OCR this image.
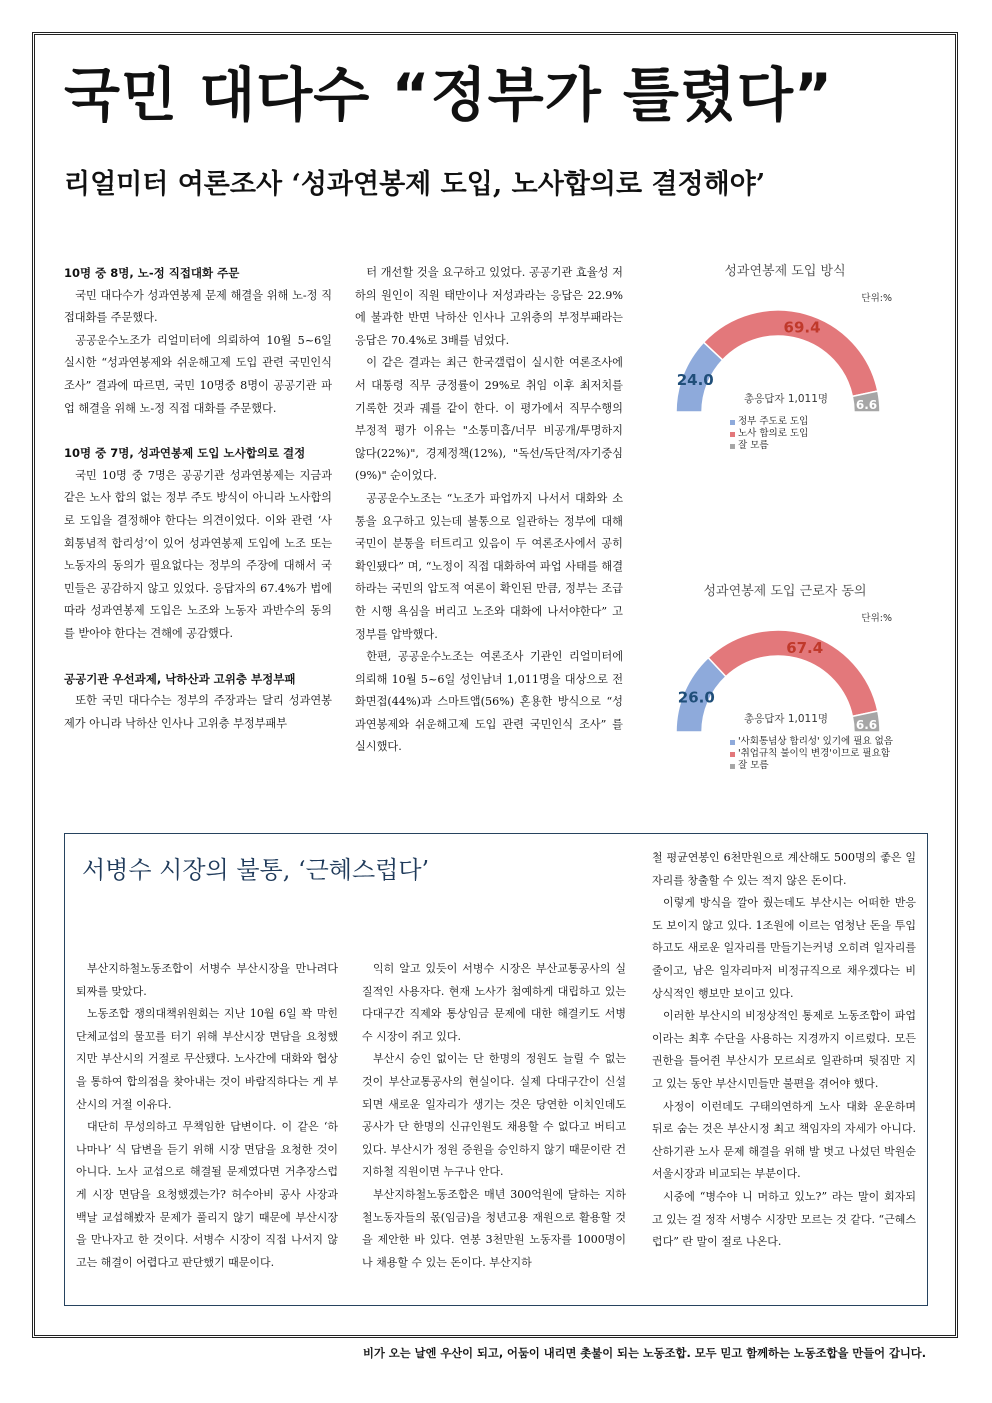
국민 대다수 “정부가 틀렸다”
리얼미터 여론조사 ‘성과연봉제 도입, 노사합의로 결정해야’
10명 중 8명, 노-정 직접대화 주문

국민 대다수가 성과연봉제 문제 해결을 위해 노-정 직접대화를 주문했다.

공공운수노조가 리얼미터에 의뢰하여 10월 5~6일 실시한 “성과연봉제와 쉬운해고제 도입 관련 국민인식 조사” 결과에 따르면, 국민 10명중 8명이 공공기관 파업 해결을 위해 노-정 직접 대화를 주문했다.

10명 중 7명, 성과연봉제 도입 노사합의로 결정

국민 10명 중 7명은 공공기관 성과연봉제는 지금과 같은 노사 합의 없는 정부 주도 방식이 아니라 노사합의로 도입을 결정해야 한다는 의견이었다. 이와 관련 ‘사회통념적 합리성’이 있어 성과연봉제 도입에 노조 또는 노동자의 동의가 필요없다는 정부의 주장에 대해서 국민들은 공감하지 않고 있었다. 응답자의 67.4%가 법에 따라 성과연봉제 도입은 노조와 노동자 과반수의 동의를 받아야 한다는 견해에 공감했다.

공공기관 우선과제, 낙하산과 고위층 부정부패

또한 국민 대다수는 정부의 주장과는 달리 성과연봉제가 아니라 낙하산 인사나 고위층 부정부패부

터 개선할 것을 요구하고 있었다. 공공기관 효율성 저하의 원인이 직원 태만이나 저성과라는 응답은 22.9%에 불과한 반면 낙하산 인사나 고위층의 부정부패라는 응답은 70.4%로 3배를 넘었다.

이 같은 결과는 최근 한국갤럽이 실시한 여론조사에서 대통령 직무 긍정률이 29%로 취임 이후 최저치를 기록한 것과 궤를 같이 한다. 이 평가에서 직무수행의 부정적 평가 이유는 "소통미흡/너무 비공개/투명하지 않다(22%)", 경제정책(12%), "독선/독단적/자기중심(9%)" 순이었다.

공공운수노조는 “노조가 파업까지 나서서 대화와 소통을 요구하고 있는데 불통으로 일관하는 정부에 대해 국민이 분통을 터트리고 있음이 두 여론조사에서 공히 확인됐다” 며, “노정이 직접 대화하여 파업 사태를 해결하라는 국민의 압도적 여론이 확인된 만큼, 정부는 조급한 시행 욕심을 버리고 노조와 대화에 나서야한다” 고 정부를 압박했다.

한편, 공공운수노조는 여론조사 기관인 리얼미터에 의뢰해 10월 5~6일 성인남녀 1,011명을 대상으로 전화면접(44%)과 스마트앱(56%) 혼용한 방식으로 “성과연봉제와 쉬운해고제 도입 관련 국민인식 조사” 를 실시했다.

성과연봉제 도입 방식
단위:%
24.0
69.4
6.6
총응답자 1,011명
정부 주도로 도입
노사 합의로 도입
잘 모름
성과연봉제 도입 근로자 동의
단위:%
26.0
67.4
6.6
총응답자 1,011명
'사회통념상 합리성' 있기에 필요 없음
'취업규칙 불이익 변경'이므로 필요함
잘 모름
서병수 시장의 불통, ‘근혜스럽다’

부산지하철노동조합이 서병수 부산시장을 만나려다 퇴짜를 맞았다.

노동조합 쟁의대책위원회는 지난 10월 6일 꽉 막힌 단체교섭의 물꼬를 터기 위해 부산시장 면담을 요청했지만 부산시의 거절로 무산됐다. 노사간에 대화와 협상을 통하여 합의점을 찾아내는 것이 바람직하다는 게 부산시의 거절 이유다.

대단히 무성의하고 무책임한 답변이다. 이 같은 ‘하나마나’ 식 답변을 듣기 위해 시장 면담을 요청한 것이 아니다. 노사 교섭으로 해결될 문제였다면 거추장스럽게 시장 면담을 요청했겠는가? 허수아비 공사 사장과 백날 교섭해봤자 문제가 풀리지 않기 때문에 부산시장을 만나자고 한 것이다. 서병수 시장이 직접 나서지 않고는 해결이 어렵다고 판단했기 때문이다.

익히 알고 있듯이 서병수 시장은 부산교통공사의 실질적인 사용자다. 현재 노사가 첨예하게 대립하고 있는 다대구간 직제와 통상임금 문제에 대한 해결키도 서병수 시장이 쥐고 있다.

부산시 승인 없이는 단 한명의 정원도 늘릴 수 없는 것이 부산교통공사의 현실이다. 실제 다대구간이 신설되면 새로운 일자리가 생기는 것은 당연한 이치인데도 공사가 단 한명의 신규인원도 채용할 수 없다고 버티고 있다. 부산시가 정원 증원을 승인하지 않기 때문이란 건 지하철 직원이면 누구나 안다.

부산지하철노동조합은 매년 300억원에 달하는 지하철노동자들의 몫(임금)을 청년고용 재원으로 활용할 것을 제안한 바 있다. 연봉 3천만원 노동자를 1000명이나 채용할 수 있는 돈이다. 부산지하

철 평균연봉인 6천만원으로 계산해도 500명의 좋은 일자리를 창출할 수 있는 적지 않은 돈이다.

이렇게 방식을 깔아 줬는데도 부산시는 어떠한 반응도 보이지 않고 있다. 1조원에 이르는 엄청난 돈을 투입하고도 새로운 일자리를 만들기는커녕 오히려 일자리를 줄이고, 남은 일자리마저 비정규직으로 채우겠다는 비상식적인 행보만 보이고 있다.

이러한 부산시의 비정상적인 통제로 노동조합이 파업이라는 최후 수단을 사용하는 지경까지 이르렀다. 모든 권한을 틀어쥔 부산시가 모르쇠로 일관하며 뒷짐만 지고 있는 동안 부산시민들만 불편을 겪어야 했다.

사정이 이런데도 구태의연하게 노사 대화 운운하며 뒤로 숨는 것은 부산시정 최고 책임자의 자세가 아니다. 산하기관 노사 문제 해결을 위해 발 벗고 나섰던 박원순 서울시장과 비교되는 부분이다.

시중에 “병수야 니 머하고 있노?” 라는 말이 회자되고 있는 걸 정작 서병수 시장만 모르는 것 같다. “근혜스럽다” 란 말이 절로 나온다.

비가 오는 날엔 우산이 되고, 어둠이 내리면 촛불이 되는 노동조합. 모두 믿고 함께하는 노동조합을 만들어 갑니다.
